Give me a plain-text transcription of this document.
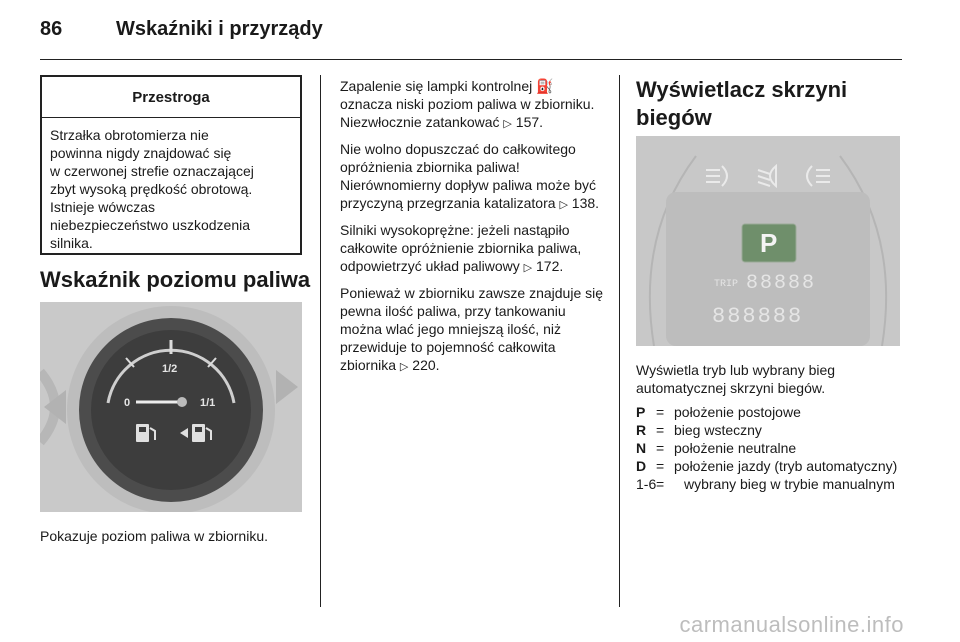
86	Wskaźniki i przyrządy
Przestroga
Strzałka obrotomierza nie
powinna nigdy znajdować się
w czerwonej strefie oznaczającej
zbyt wysoką prędkość obrotową.
Istnieje wówczas
niebezpieczeństwo uszkodzenia
silnika.
Wskaźnik poziomu paliwa
1/2
0	1/1
Pokazuje poziom paliwa w zbiorniku.

Zapalenie się lampki kontrolnej ⛽
oznacza niski poziom paliwa w zbiorniku. Niezwłocznie zatankować ▷ 157.

Nie wolno dopuszczać do całkowitego opróżnienia zbiornika paliwa! Nierównomierny dopływ paliwa może być przyczyną przegrzania katalizatora ▷ 138.

Silniki wysokoprężne: jeżeli nastąpiło całkowite opróżnienie zbiornika paliwa, odpowietrzyć układ paliwowy ▷ 172.

Ponieważ w zbiorniku zawsze znajduje się pewna ilość paliwa, przy tankowaniu można wlać jego mniejszą ilość, niż przewiduje to pojemność całkowita zbiornika ▷ 220.

Wyświetlacz skrzyni biegów
P
TRIP 88888
888888
Wyświetla tryb lub wybrany bieg automatycznej skrzyni biegów.
P = położenie postojowe
R = bieg wsteczny
N = położenie neutralne
D = położenie jazdy (tryb automatyczny)
1-6 =	wybrany bieg w trybie manualnym
carmanualsonline.info
